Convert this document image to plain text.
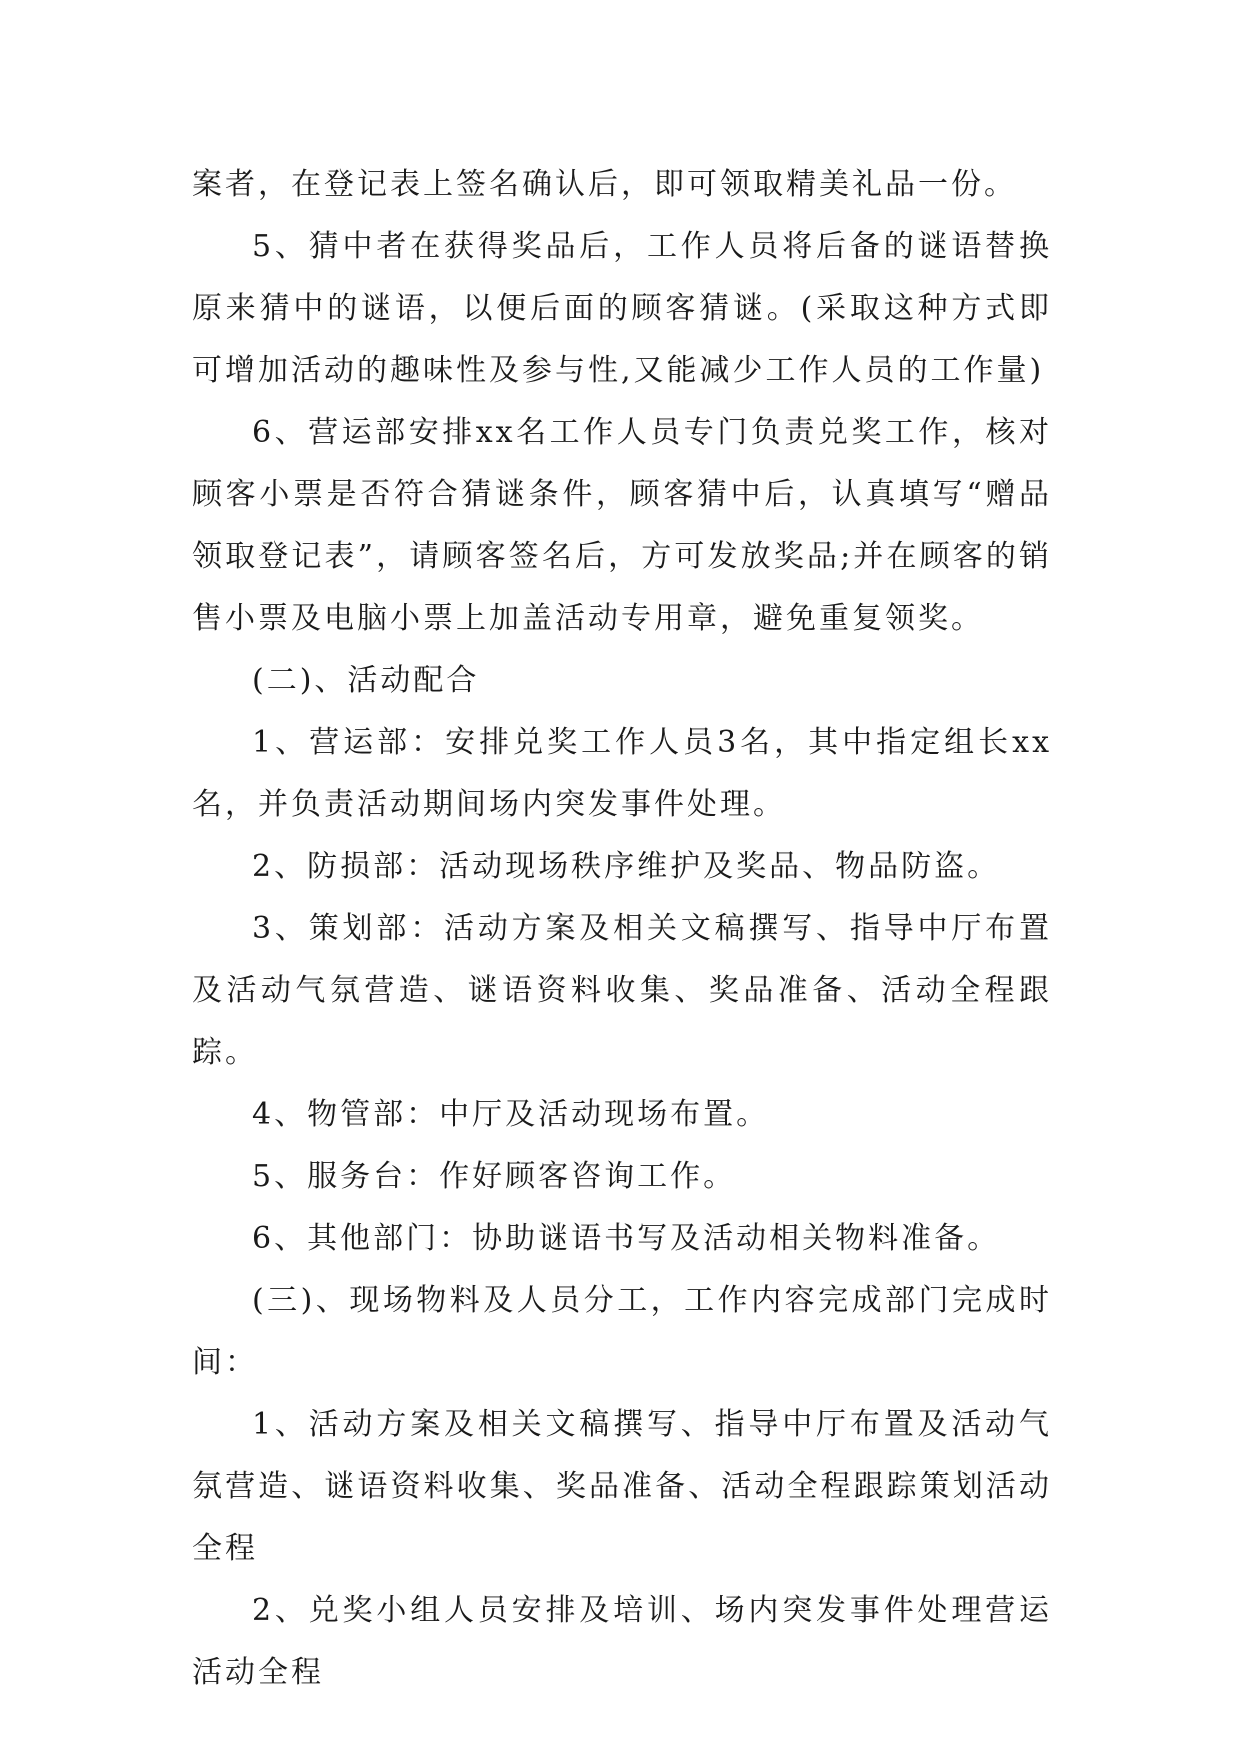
案者，在登记表上签名确认后，即可领取精美礼品一份。

5、猜中者在获得奖品后，工作人员将后备的谜语替换原来猜中的谜语，以便后面的顾客猜谜。(采取这种方式即可增加活动的趣味性及参与性,又能减少工作人员的工作量)

6、营运部安排xx名工作人员专门负责兑奖工作，核对顾客小票是否符合猜谜条件，顾客猜中后，认真填写“赠品领取登记表”，请顾客签名后，方可发放奖品;并在顾客的销售小票及电脑小票上加盖活动专用章，避免重复领奖。

(二)、活动配合

1、营运部：安排兑奖工作人员3名，其中指定组长xx名，并负责活动期间场内突发事件处理。

2、防损部：活动现场秩序维护及奖品、物品防盗。

3、策划部：活动方案及相关文稿撰写、指导中厅布置及活动气氛营造、谜语资料收集、奖品准备、活动全程跟踪。

4、物管部：中厅及活动现场布置。

5、服务台：作好顾客咨询工作。

6、其他部门：协助谜语书写及活动相关物料准备。

(三)、现场物料及人员分工，工作内容完成部门完成时间：

1、活动方案及相关文稿撰写、指导中厅布置及活动气氛营造、谜语资料收集、奖品准备、活动全程跟踪策划活动全程

2、兑奖小组人员安排及培训、场内突发事件处理营运活动全程
